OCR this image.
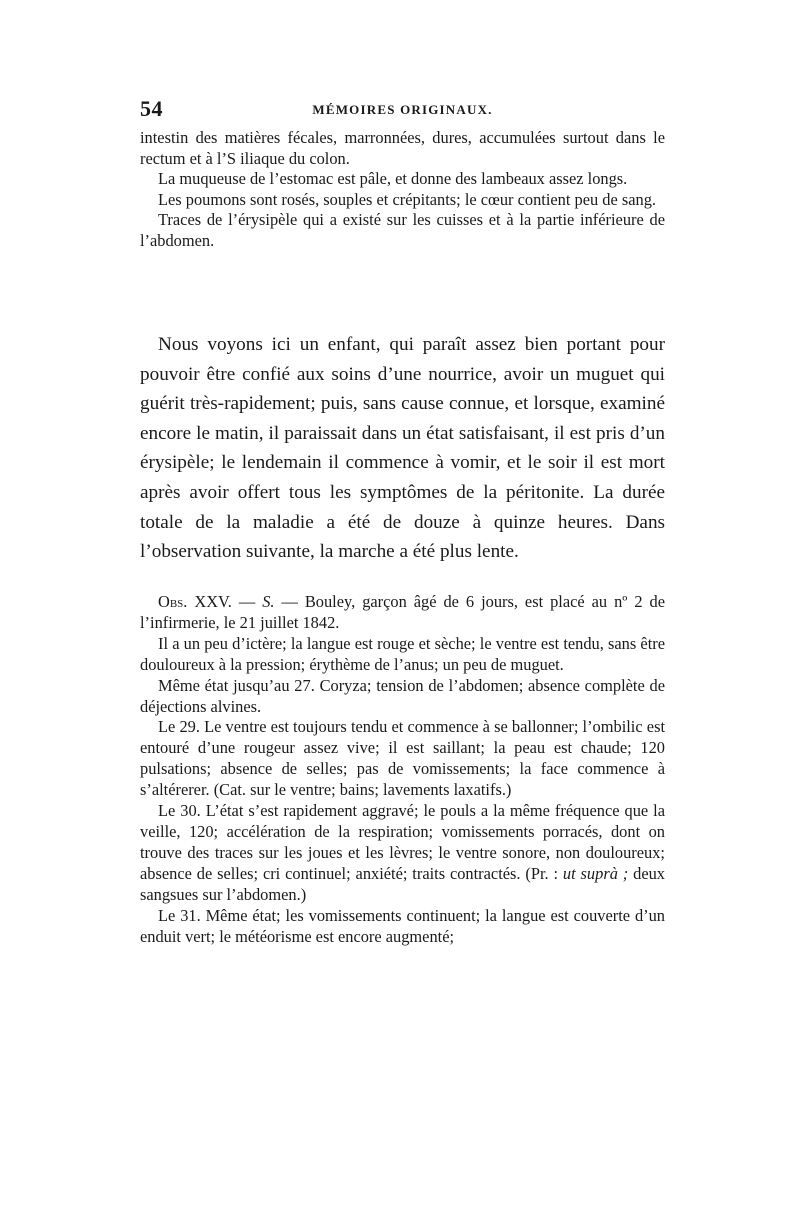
54	MÉMOIRES ORIGINAUX.

intestin des matières fécales, marronnées, dures, accumulées surtout dans le rectum et à l’S iliaque du colon.

La muqueuse de l’estomac est pâle, et donne des lambeaux assez longs.

Les poumons sont rosés, souples et crépitants; le cœur contient peu de sang.

Traces de l’érysipèle qui a existé sur les cuisses et à la partie inférieure de l’abdomen.

Nous voyons ici un enfant, qui paraît assez bien portant pour pouvoir être confié aux soins d’une nourrice, avoir un muguet qui guérit très-rapidement; puis, sans cause connue, et lorsque, examiné encore le matin, il paraissait dans un état satisfaisant, il est pris d’un érysipèle; le lendemain il commence à vomir, et le soir il est mort après avoir offert tous les symptômes de la péritonite. La durée totale de la maladie a été de douze à quinze heures. Dans l’observation suivante, la marche a été plus lente.

Obs. XXV. — S. — Bouley, garçon âgé de 6 jours, est placé au nº 2 de l’infirmerie, le 21 juillet 1842.

Il a un peu d’ictère; la langue est rouge et sèche; le ventre est tendu, sans être douloureux à la pression; érythème de l’anus; un peu de muguet.

Même état jusqu’au 27. Coryza; tension de l’abdomen; absence complète de déjections alvines.

Le 29. Le ventre est toujours tendu et commence à se ballonner; l’ombilic est entouré d’une rougeur assez vive; il est saillant; la peau est chaude; 120 pulsations; absence de selles; pas de vomissements; la face commence à s’altérerer. (Cat. sur le ventre; bains; lavements laxatifs.)

Le 30. L’état s’est rapidement aggravé; le pouls a la même fréquence que la veille, 120; accélération de la respiration; vomissements porracés, dont on trouve des traces sur les joues et les lèvres; le ventre sonore, non douloureux; absence de selles; cri continuel; anxiété; traits contractés. (Pr. : ut suprà ; deux sangsues sur l’abdomen.)

Le 31. Même état; les vomissements continuent; la langue est couverte d’un enduit vert; le météorisme est encore augmenté;
